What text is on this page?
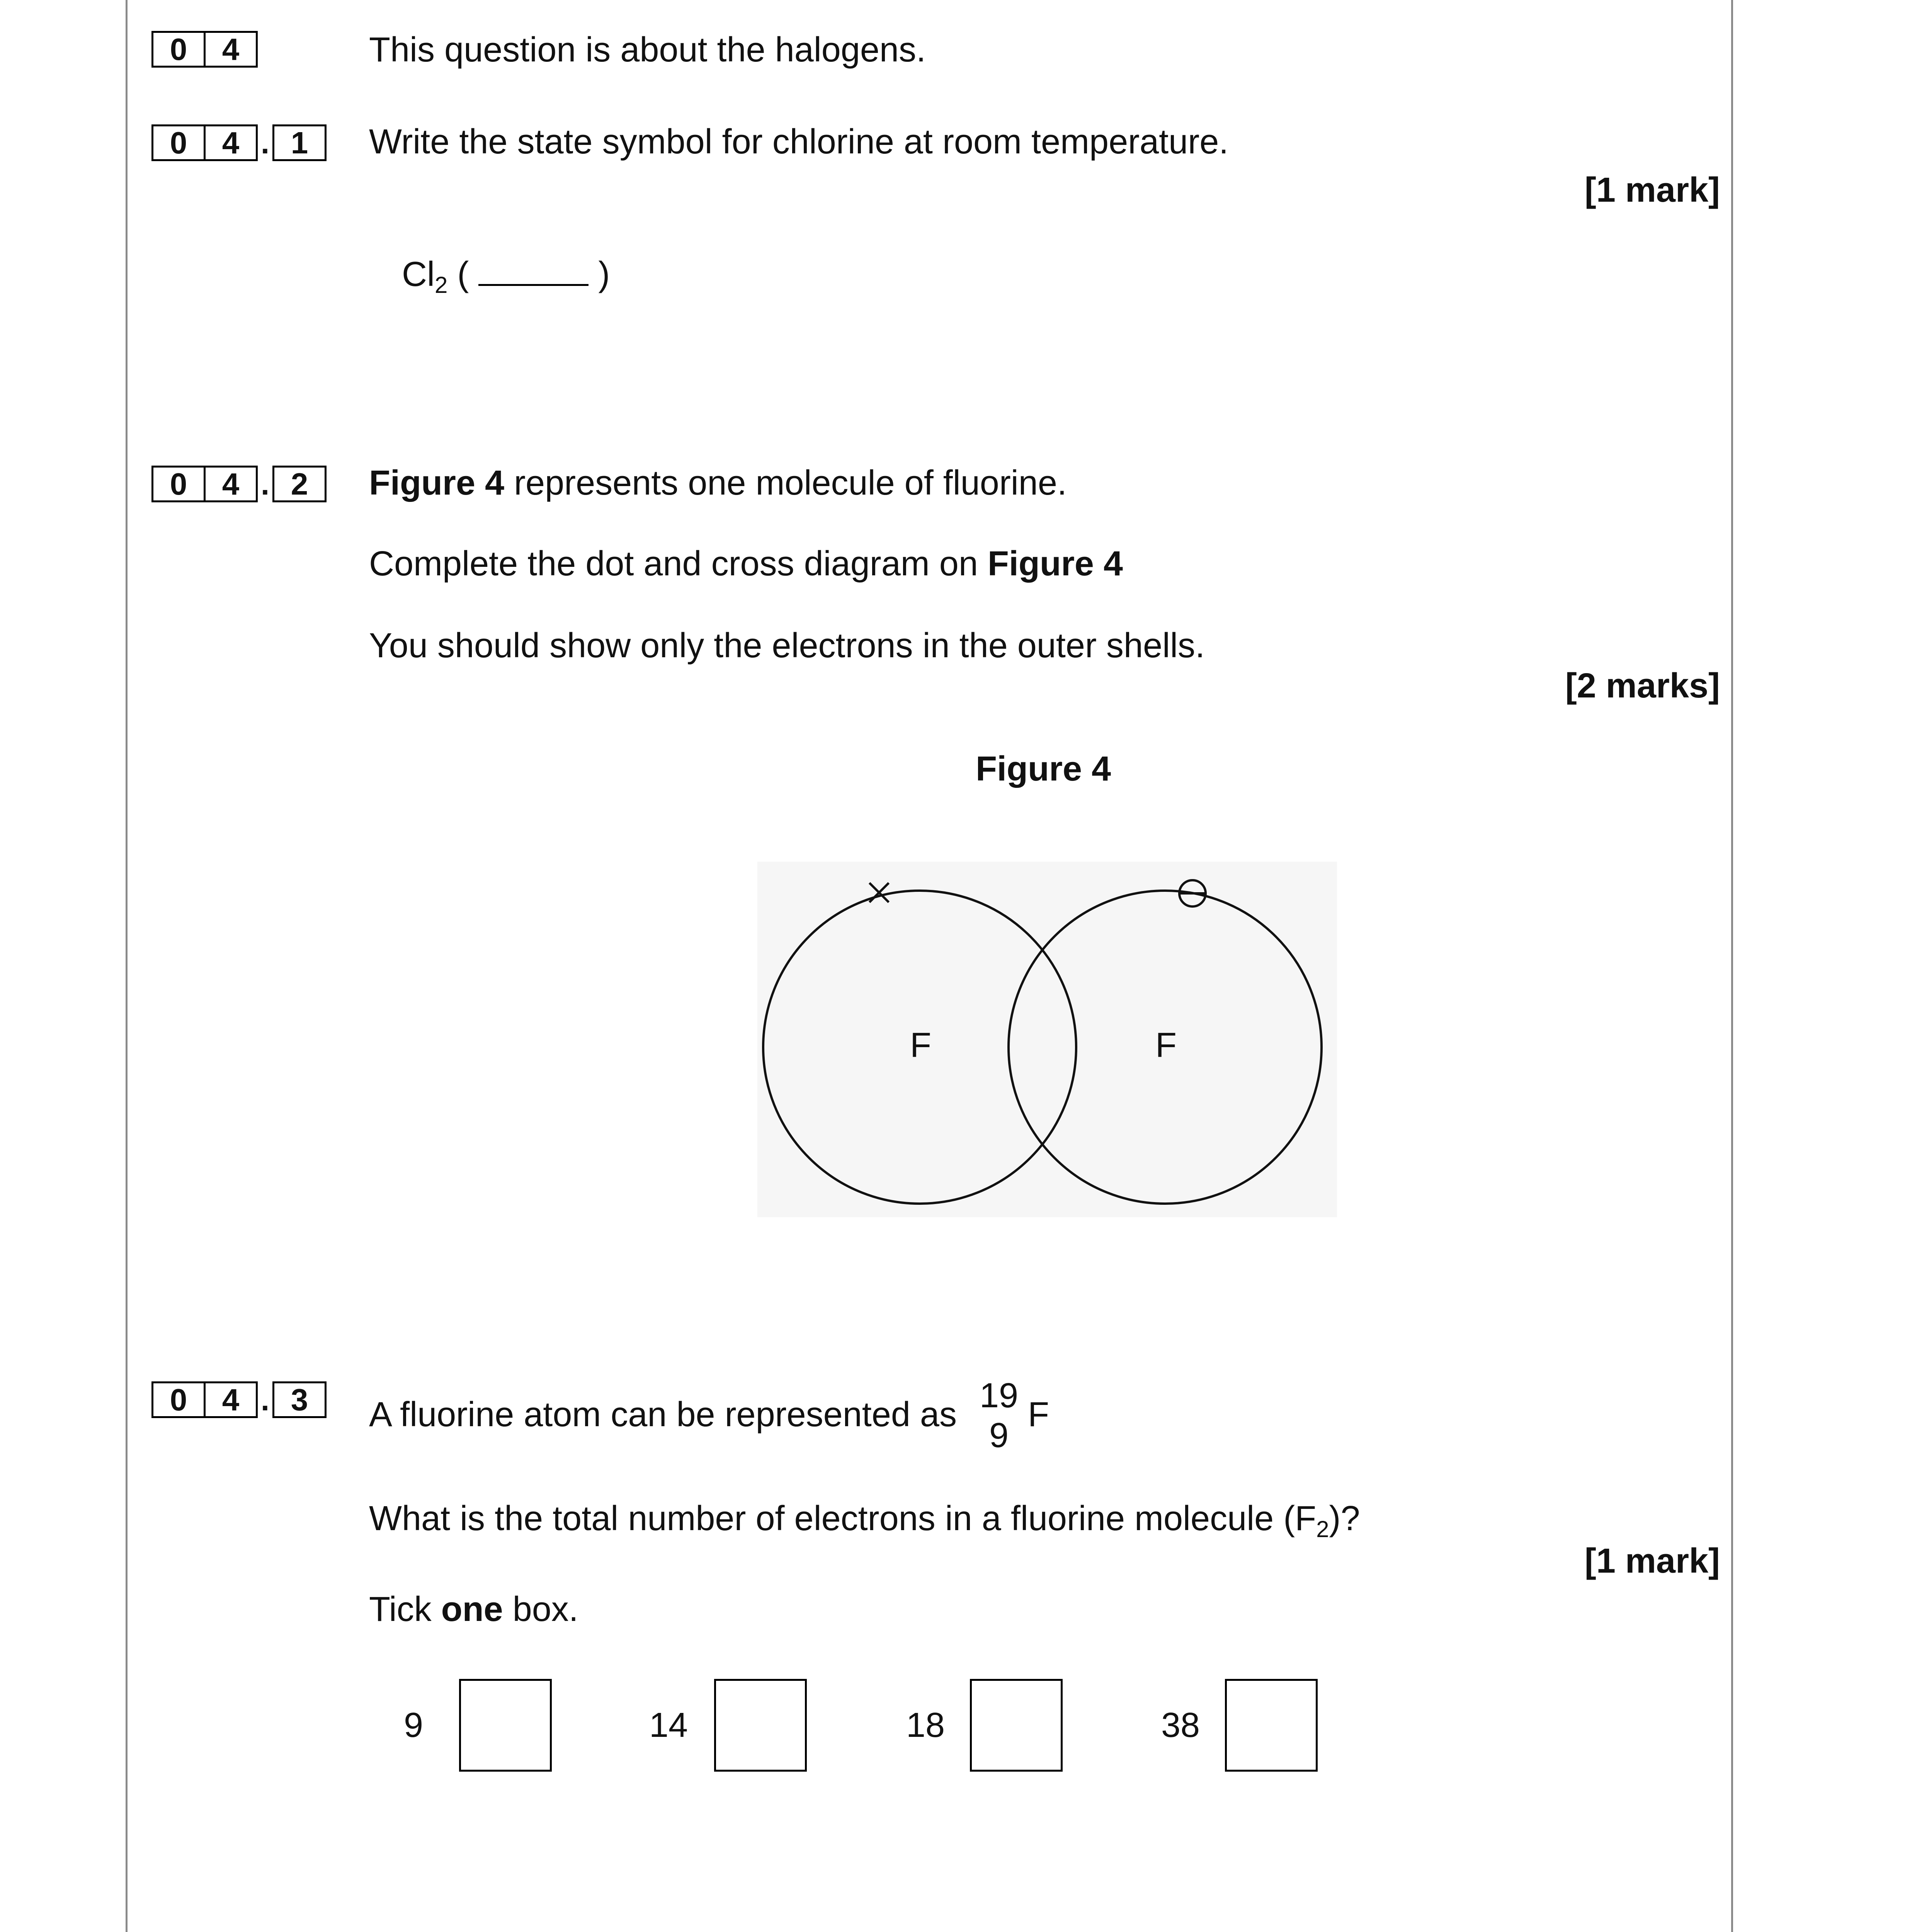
0	4	This question is about the halogens.
0	4 . 1	Write the state symbol for chlorine at room temperature.
[1 mark]
$Cl_2$ (	)
0	4 . 2	Figure 4 represents one molecule of fluorine.
Complete the dot and cross diagram on Figure 4
You should show only the electrons in the outer shells.
[2 marks]
Figure 4
F	F
0	4 . 3	A fluorine atom can be represented as 19
9
F
What is the total number of electrons in a fluorine molecule $(F_2)$?
[1 mark]
Tick one box.
9	14	18	38
